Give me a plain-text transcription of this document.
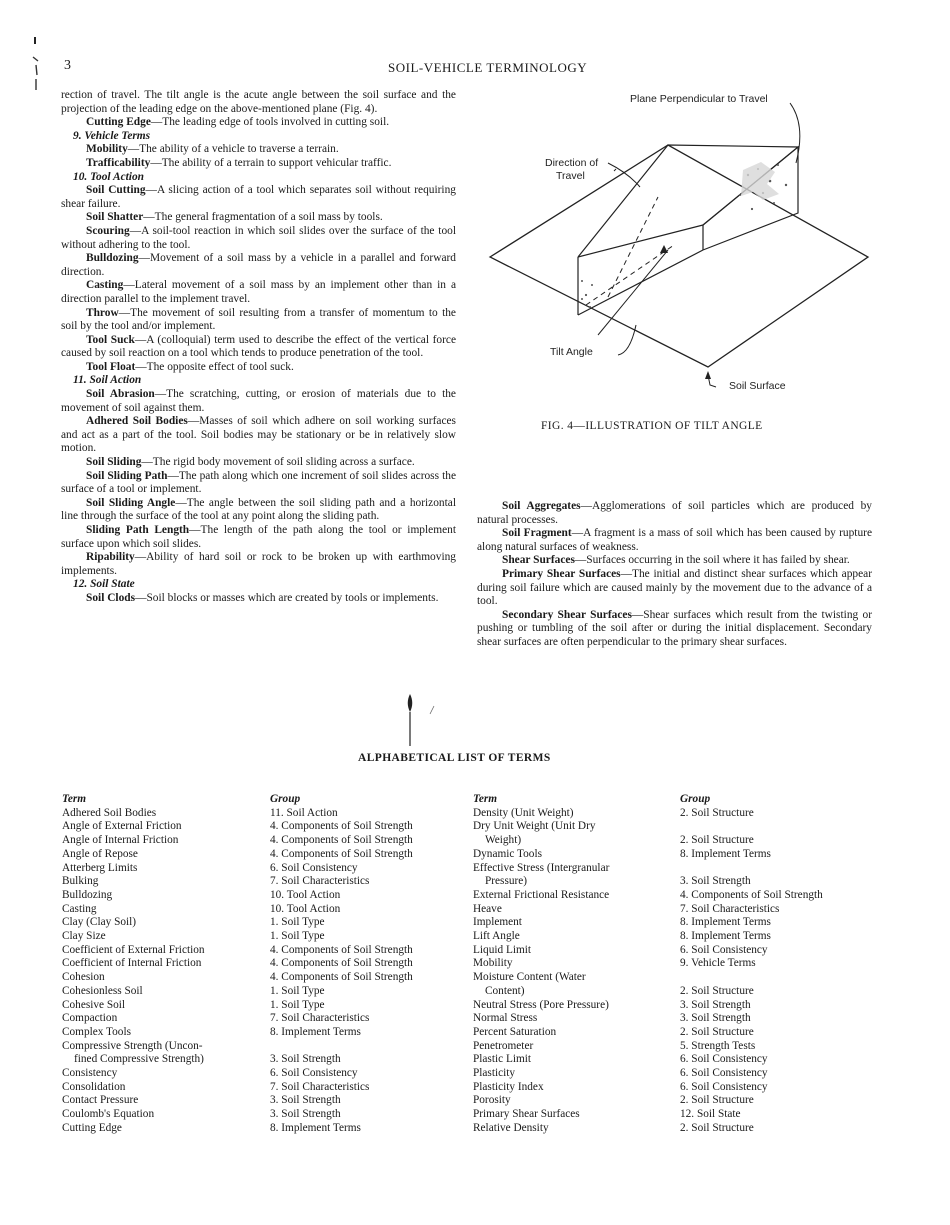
3	SOIL-VEHICLE TERMINOLOGY

rection of travel. The tilt angle is the acute angle between the soil surface and the projection of the leading edge on the above-mentioned plane (Fig. 4).

Cutting Edge—The leading edge of tools involved in cutting soil.

9. Vehicle Terms

Mobility—The ability of a vehicle to traverse a terrain.

Trafficability—The ability of a terrain to support vehicular traffic.

10. Tool Action

Soil Cutting—A slicing action of a tool which separates soil without requiring shear failure.

Soil Shatter—The general fragmentation of a soil mass by tools.

Scouring—A soil-tool reaction in which soil slides over the surface of the tool without adhering to the tool.

Bulldozing—Movement of a soil mass by a vehicle in a parallel and forward direction.

Casting—Lateral movement of a soil mass by an implement other than in a direction parallel to the implement travel.

Throw—The movement of soil resulting from a transfer of momentum to the soil by the tool and/or implement.

Tool Suck—A (colloquial) term used to describe the effect of the vertical force caused by soil reaction on a tool which tends to produce penetration of the tool.

Tool Float—The opposite effect of tool suck.

11. Soil Action

Soil Abrasion—The scratching, cutting, or erosion of materials due to the movement of soil against them.

Adhered Soil Bodies—Masses of soil which adhere on soil working surfaces and act as a part of the tool. Soil bodies may be stationary or be in relatively slow motion.

Soil Sliding—The rigid body movement of soil sliding across a surface.

Soil Sliding Path—The path along which one increment of soil slides across the surface of a tool or implement.

Soil Sliding Angle—The angle between the soil sliding path and a horizontal line through the surface of the tool at any point along the sliding path.

Sliding Path Length—The length of the path along the tool or implement surface upon which soil slides.

Ripability—Ability of hard soil or rock to be broken up with earthmoving implements.

12. Soil State

Soil Clods—Soil blocks or masses which are created by tools or implements.

Plane Perpendicular to Travel
Direction of
Travel
Tilt Angle
Soil Surface
FIG. 4—ILLUSTRATION OF TILT ANGLE

Soil Aggregates—Agglomerations of soil particles which are produced by natural processes.

Soil Fragment—A fragment is a mass of soil which has been caused by rupture along natural surfaces of weakness.

Shear Surfaces—Surfaces occurring in the soil where it has failed by shear.

Primary Shear Surfaces—The initial and distinct shear surfaces which appear during soil failure which are caused mainly by the movement due to the advance of a tool.

Secondary Shear Surfaces—Shear surfaces which result from the twisting or pushing or tumbling of the soil after or during the initial displacement. Secondary shear surfaces are often perpendicular to the primary shear surfaces.

ALPHABETICAL LIST OF TERMS
Term
Adhered Soil Bodies
Angle of External Friction
Angle of Internal Friction
Angle of Repose
Atterberg Limits
Bulking
Bulldozing
Casting
Clay (Clay Soil)
Clay Size
Coefficient of External Friction
Coefficient of Internal Friction
Cohesion
Cohesionless Soil
Cohesive Soil
Compaction
Complex Tools
Compressive Strength (Uncon-
fined Compressive Strength)
Consistency
Consolidation
Contact Pressure
Coulomb's Equation
Cutting Edge
Group
11. Soil Action
4. Components of Soil Strength
4. Components of Soil Strength
4. Components of Soil Strength
6. Soil Consistency
7. Soil Characteristics
10. Tool Action
10. Tool Action
1. Soil Type
1. Soil Type
4. Components of Soil Strength
4. Components of Soil Strength
4. Components of Soil Strength
1. Soil Type
1. Soil Type
7. Soil Characteristics
8. Implement Terms
3. Soil Strength
6. Soil Consistency
7. Soil Characteristics
3. Soil Strength
3. Soil Strength
8. Implement Terms
Term
Density (Unit Weight)
Dry Unit Weight (Unit Dry
Weight)
Dynamic Tools
Effective Stress (Intergranular
Pressure)
External Frictional Resistance
Heave
Implement
Lift Angle
Liquid Limit
Mobility
Moisture Content (Water
Content)
Neutral Stress (Pore Pressure)
Normal Stress
Percent Saturation
Penetrometer
Plastic Limit
Plasticity
Plasticity Index
Porosity
Primary Shear Surfaces
Relative Density
Group
2. Soil Structure
2. Soil Structure
8. Implement Terms
3. Soil Strength
4. Components of Soil Strength
7. Soil Characteristics
8. Implement Terms
8. Implement Terms
6. Soil Consistency
9. Vehicle Terms
2. Soil Structure
3. Soil Strength
3. Soil Strength
2. Soil Structure
5. Strength Tests
6. Soil Consistency
6. Soil Consistency
6. Soil Consistency
2. Soil Structure
12. Soil State
2. Soil Structure
